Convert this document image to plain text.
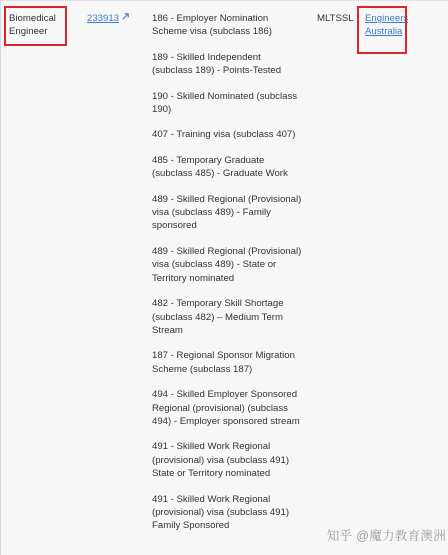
Biomedical
Engineer
233913	186 - Employer Nomination
Scheme visa (subclass 186)
189 - Skilled Independent
(subclass 189) - Points-Tested
190 - Skilled Nominated (subclass
190)
407 - Training visa (subclass 407)
485 - Temporary Graduate
(subclass 485) - Graduate Work
489 - Skilled Regional (Provisional)
visa (subclass 489) - Family
sponsored
489 - Skilled Regional (Provisional)
visa (subclass 489) - State or
Territory nominated
482 - Temporary Skill Shortage
(subclass 482) – Medium Term
Stream
187 - Regional Sponsor Migration
Scheme (subclass 187)
494 - Skilled Employer Sponsored
Regional (provisional) (subclass
494) - Employer sponsored stream
491 - Skilled Work Regional
(provisional) visa (subclass 491)
State or Territory nominated
491 - Skilled Work Regional
(provisional) visa (subclass 491)
Family Sponsored
MLTSSL Engineers
Australia
知乎 @魔力教育澳洲
